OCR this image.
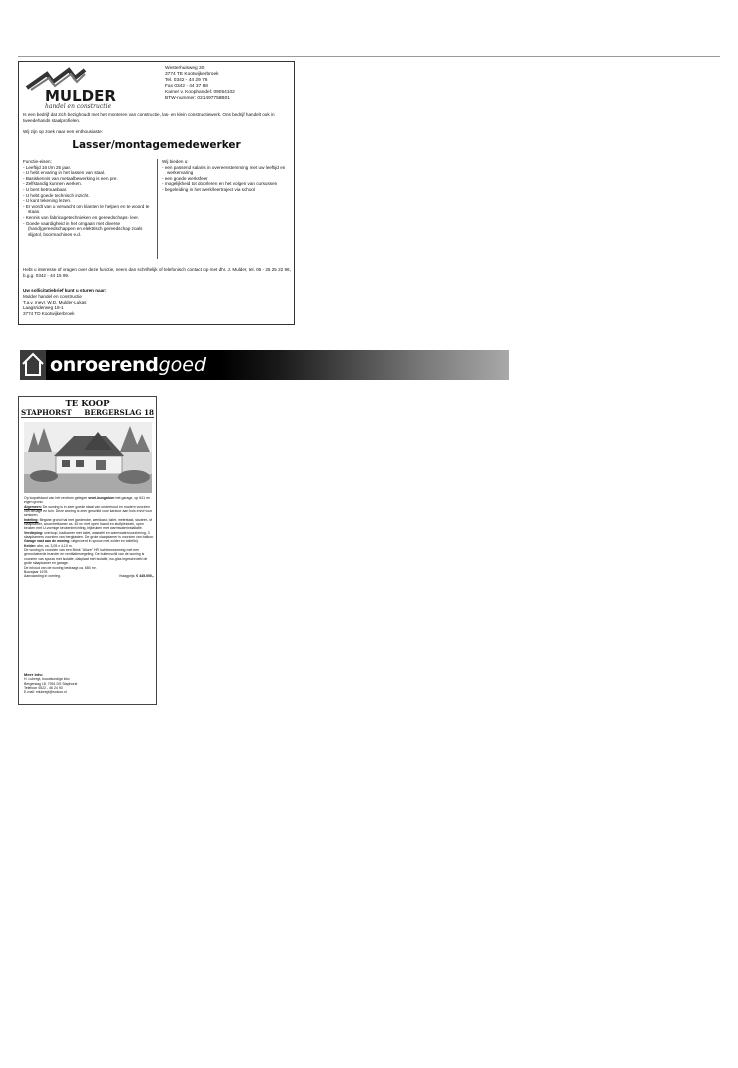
MULDER
handel en constructie
Westerhuisweg 30
3774 TE Kootwijkerbroek
Tel. 0342 - 44 29 76
Fax 0342 - 44 37 88
Kamer v. Koophandel: 09054102
BTW-nummer: 021497758B01
Is een bedrijf dat zich bezighoudt met het monteren van constructie, las- en klein constructiewerk. Ons bedrijf handelt ook in tweedehands staalprofielen.
Wij zijn op zoek naar een enthousiaste:
Lasser/montagemedewerker
Functie-eisen:
- Leeftijd 16 t/m 25 jaar.
- U hebt ervaring in het lassen van staal.
- Basiskennis van metaalbewerking is een pre.
- Zelfstandig kunnen werken.
- U bent betrouwbaar.
- U hebt goede technisch inzicht.
- U kunt tekening lezen.
- Er wordt van u verwacht om klanten te helpen en te woord te staan.
- Kennis van fabricagetechnieken en gereedschaps- leer.
- Goede vaardigheid in het omgaan met diverse (hand)gereedschappen en elektrisch gereedschap zoals slijptol, boormachines e.d.
Wij bieden u:
- een passend salaris in overeenstemming met uw leeftijd en werkervaring
- een goede werksfeer
- mogelijkheid tot doorleren en het volgen van cursussen
- begeleiding in het werk/leertraject via school
Hebt u interesse of vragen over deze functie, neem dan schriftelijk of telefonisch contact op met dhr. J. Mulder, tel. 06 - 25 25 22 96, b.g.g. 0342 - 44 15 99.
Uw sollicitatiebrief kunt u sturen naar:
Mulder handel en constructie
T.a.v. mevr. W.D. Mulder-Lukas
Laagsriderweg 18-1
3774 TD Kootwijkerbroek
onroerendgoed
TE KOOP
STAPHORST BERGERSLAG 18

Op loopafstand van het centrum gelegen semi-bungalow met garage, op 641 m² eigen grond.

Algemeen: De woning is in zeer goede staat van onderhoud en modern voorzien van beuage en tuin. Deze woning is zeer geschikt voor kantoor aan huis en/of voor senioren.

Indeling: Begane grond hal met garderobe, werkkast, toilet, meterkast, studeer- of slaapkamer, woon/eetkamer ca. 45 m² met open haard en stuifpleidoek, open keuken met U-vormige keukeninrichting, bijkeuken met warmwaterinstallatie.

Verdieping: overloop, badkamer met toilet, wastafel en warmwatervoorziening, 3 slaapkamers voorzien van bergkasten. De grote slaapkamer is voorzien van balkon.

Garage vast aan de woning: uitgevoerd in spouw met zolder en toilet/bij.

Kelder: afm. ca. 3,05 x 4,10 m.

De woning is voorzien van een Brink "Allure" HR luchtverwarming met een gemoduleerde brander en ventilatiesregeling. De buitenschil van de woning is voorzien van spouw met isolatie, dakplaat met isolatie, iso-glas ingeschroefd de grote slaapkamer en garage.

De inhoud van de woning bedraagt ca. 684 m³.

Bouwjaar 1978.

Aanvaarding in overleg.	Vraagprijs: € 445.000,-
Meer info:
H. Lubregt, bouwkundige kbo
Bergerslag 18, 7951 DS Staphorst
Telefoon 0522 - 46 24 93
E-mail: mlubregt@solcon.nl
